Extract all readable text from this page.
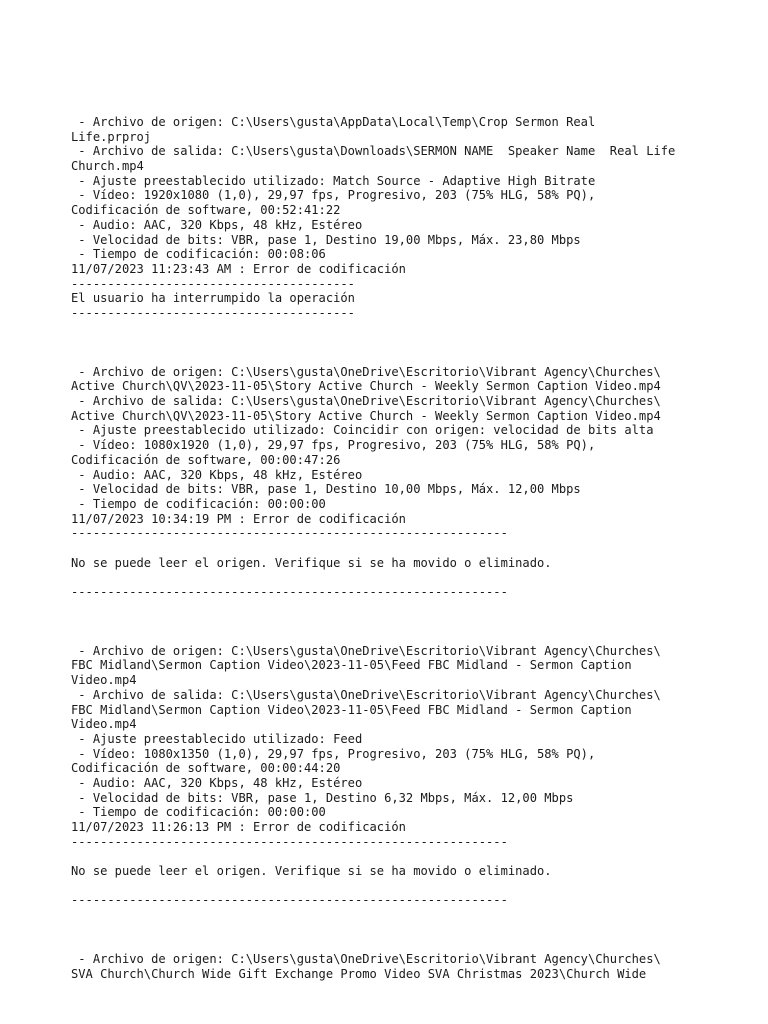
- Archivo de origen: C:\Users\gusta\AppData\Local\Temp\Crop Sermon Real
Life.prproj
- Archivo de salida: C:\Users\gusta\Downloads\SERMON NAME  Speaker Name  Real Life
Church.mp4
- Ajuste preestablecido utilizado: Match Source - Adaptive High Bitrate
- Vídeo: 1920x1080 (1,0), 29,97 fps, Progresivo, 203 (75% HLG, 58% PQ),
Codificación de software, 00:52:41:22
- Audio: AAC, 320 Kbps, 48 kHz, Estéreo
- Velocidad de bits: VBR, pase 1, Destino 19,00 Mbps, Máx. 23,80 Mbps
- Tiempo de codificación: 00:08:06
11/07/2023 11:23:43 AM : Error de codificación
---------------------------------------
El usuario ha interrumpido la operación
---------------------------------------

- Archivo de origen: C:\Users\gusta\OneDrive\Escritorio\Vibrant Agency\Churches\
Active Church\QV\2023-11-05\Story Active Church - Weekly Sermon Caption Video.mp4
- Archivo de salida: C:\Users\gusta\OneDrive\Escritorio\Vibrant Agency\Churches\
Active Church\QV\2023-11-05\Story Active Church - Weekly Sermon Caption Video.mp4
- Ajuste preestablecido utilizado: Coincidir con origen: velocidad de bits alta
- Vídeo: 1080x1920 (1,0), 29,97 fps, Progresivo, 203 (75% HLG, 58% PQ),
Codificación de software, 00:00:47:26
- Audio: AAC, 320 Kbps, 48 kHz, Estéreo
- Velocidad de bits: VBR, pase 1, Destino 10,00 Mbps, Máx. 12,00 Mbps
- Tiempo de codificación: 00:00:00
11/07/2023 10:34:19 PM : Error de codificación
------------------------------------------------------------

No se puede leer el origen. Verifique si se ha movido o eliminado.

------------------------------------------------------------

- Archivo de origen: C:\Users\gusta\OneDrive\Escritorio\Vibrant Agency\Churches\
FBC Midland\Sermon Caption Video\2023-11-05\Feed FBC Midland - Sermon Caption
Video.mp4
- Archivo de salida: C:\Users\gusta\OneDrive\Escritorio\Vibrant Agency\Churches\
FBC Midland\Sermon Caption Video\2023-11-05\Feed FBC Midland - Sermon Caption
Video.mp4
- Ajuste preestablecido utilizado: Feed
- Vídeo: 1080x1350 (1,0), 29,97 fps, Progresivo, 203 (75% HLG, 58% PQ),
Codificación de software, 00:00:44:20
- Audio: AAC, 320 Kbps, 48 kHz, Estéreo
- Velocidad de bits: VBR, pase 1, Destino 6,32 Mbps, Máx. 12,00 Mbps
- Tiempo de codificación: 00:00:00
11/07/2023 11:26:13 PM : Error de codificación
------------------------------------------------------------

No se puede leer el origen. Verifique si se ha movido o eliminado.

------------------------------------------------------------

- Archivo de origen: C:\Users\gusta\OneDrive\Escritorio\Vibrant Agency\Churches\
SVA Church\Church Wide Gift Exchange Promo Video SVA Christmas 2023\Church Wide
